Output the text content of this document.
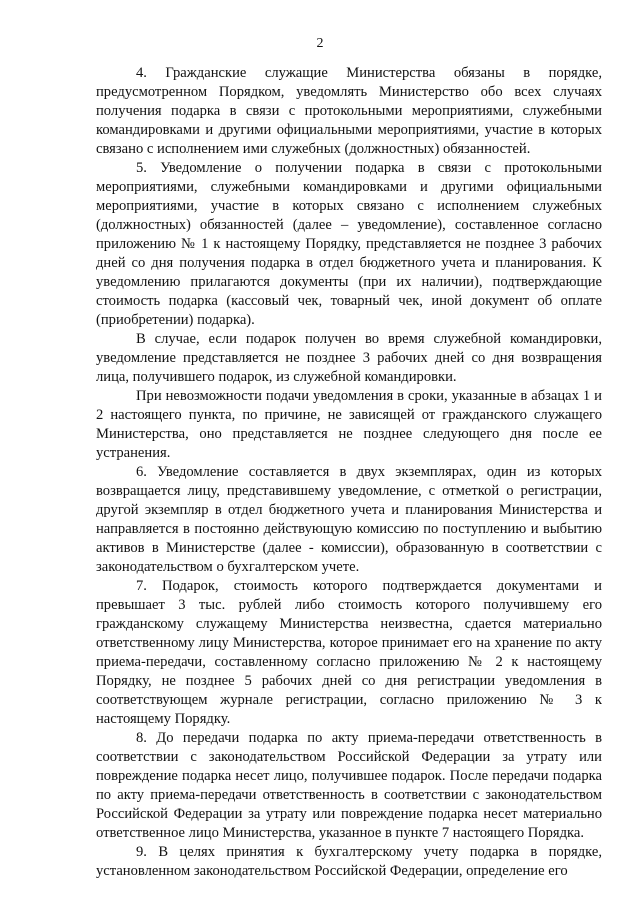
2

4. Гражданские служащие Министерства обязаны в порядке, предусмотренном Порядком, уведомлять Министерство обо всех случаях получения подарка в связи с протокольными мероприятиями, служебными командировками и другими официальными мероприятиями, участие в которых связано с исполнением ими служебных (должностных) обязанностей.

5. Уведомление о получении подарка в связи с протокольными мероприятиями, служебными командировками и другими официальными мероприятиями, участие в которых связано с исполнением служебных (должностных) обязанностей (далее – уведомление), составленное согласно приложению № 1 к настоящему Порядку, представляется не позднее 3 рабочих дней со дня получения подарка в отдел бюджетного учета и планирования. К уведомлению прилагаются документы (при их наличии), подтверждающие стоимость подарка (кассовый чек, товарный чек, иной документ об оплате (приобретении) подарка).

В случае, если подарок получен во время служебной командировки, уведомление представляется не позднее 3 рабочих дней со дня возвращения лица, получившего подарок, из служебной командировки.

При невозможности подачи уведомления в сроки, указанные в абзацах 1 и 2 настоящего пункта, по причине, не зависящей от гражданского служащего Министерства, оно представляется не позднее следующего дня после ее устранения.

6. Уведомление составляется в двух экземплярах, один из которых возвращается лицу, представившему уведомление, с отметкой о регистрации, другой экземпляр в отдел бюджетного учета и планирования Министерства и направляется в постоянно действующую комиссию по поступлению и выбытию активов в Министерстве (далее - комиссии), образованную в соответствии с законодательством о бухгалтерском учете.

7. Подарок, стоимость которого подтверждается документами и превышает 3 тыс. рублей либо стоимость которого получившему его гражданскому служащему Министерства неизвестна, сдается материально ответственному лицу Министерства, которое принимает его на хранение по акту приема-передачи, составленному согласно приложению № 2 к настоящему Порядку, не позднее 5 рабочих дней со дня регистрации уведомления в соответствующем журнале регистрации, согласно приложению № 3 к настоящему Порядку.

8. До передачи подарка по акту приема-передачи ответственность в соответствии с законодательством Российской Федерации за утрату или повреждение подарка несет лицо, получившее подарок. После передачи подарка по акту приема-передачи ответственность в соответствии с законодательством Российской Федерации за утрату или повреждение подарка несет материально ответственное лицо Министерства, указанное в пункте 7 настоящего Порядка.

9. В целях принятия к бухгалтерскому учету подарка в порядке, установленном законодательством Российской Федерации, определение его
